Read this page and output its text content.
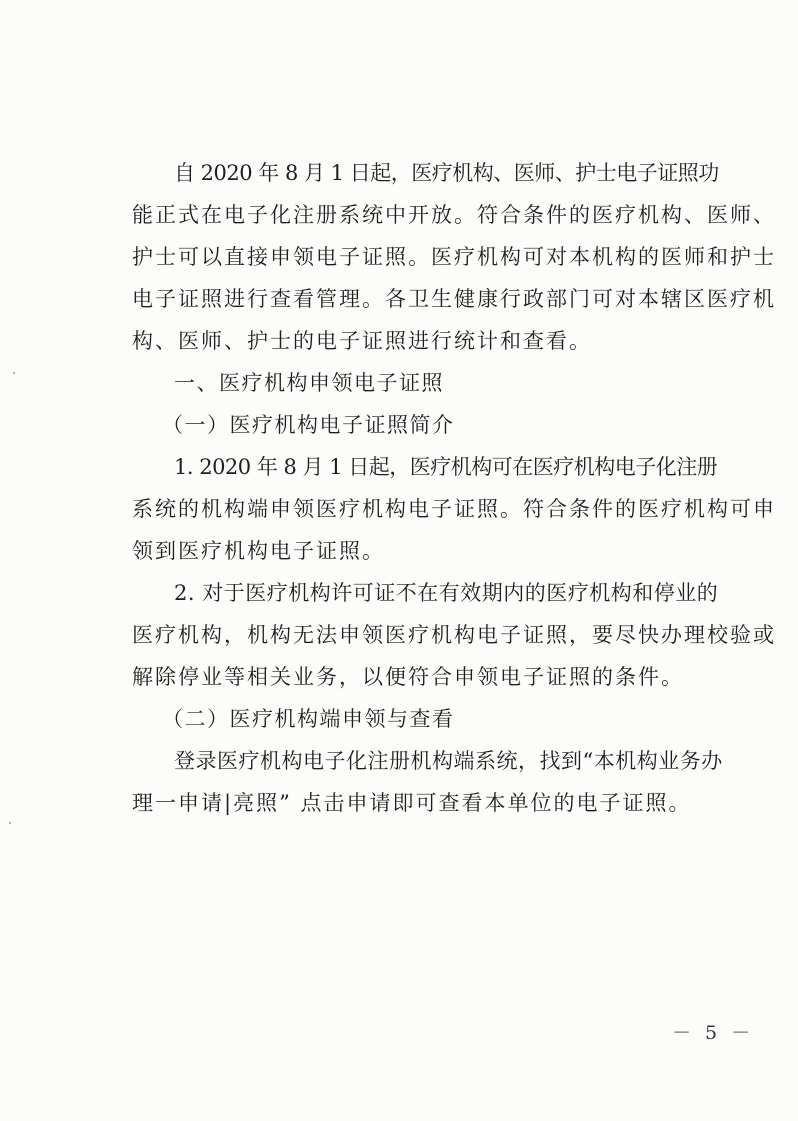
自 2020 年 8 月 1 日起，医疗机构、医师、护士电子证照功
能正式在电子化注册系统中开放。符合条件的医疗机构、医师、
护士可以直接申领电子证照。医疗机构可对本机构的医师和护士
电子证照进行查看管理。各卫生健康行政部门可对本辖区医疗机
构、医师、护士的电子证照进行统计和查看。
一、医疗机构申领电子证照
（一）医疗机构电子证照简介
1. 2020 年 8 月 1 日起，医疗机构可在医疗机构电子化注册
系统的机构端申领医疗机构电子证照。符合条件的医疗机构可申
领到医疗机构电子证照。
2. 对于医疗机构许可证不在有效期内的医疗机构和停业的
医疗机构，机构无法申领医疗机构电子证照，要尽快办理校验或
解除停业等相关业务，以便符合申领电子证照的条件。
（二）医疗机构端申领与查看
登录医疗机构电子化注册机构端系统，找到“本机构业务办
理一申请|亮照” 点击申请即可查看本单位的电子证照。
－ 5 －
